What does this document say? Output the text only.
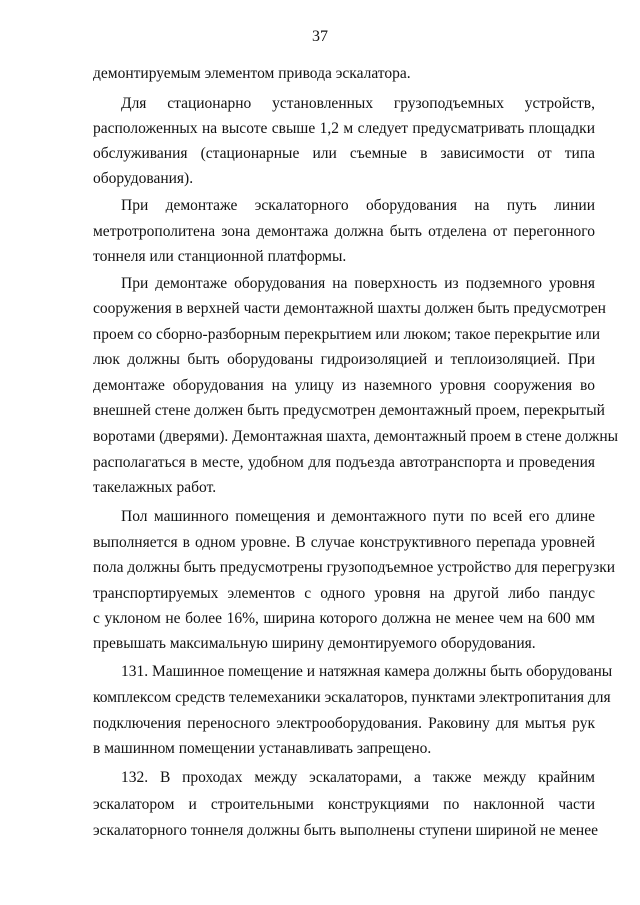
37
демонтируемым элементом привода эскалатора.
Для стационарно установленных грузоподъемных устройств,
расположенных на высоте свыше 1,2 м следует предусматривать площадки
обслуживания (стационарные или съемные в зависимости от типа
оборудования).
При демонтаже эскалаторного оборудования на путь линии
метротрополитена зона демонтажа должна быть отделена от перегонного
тоннеля или станционной платформы.
При демонтаже оборудования на поверхность из подземного уровня
сооружения в верхней части демонтажной шахты должен быть предусмотрен
проем со сборно-разборным перекрытием или люком; такое перекрытие или
люк должны быть оборудованы гидроизоляцией и теплоизоляцией. При
демонтаже оборудования на улицу из наземного уровня сооружения во
внешней стене должен быть предусмотрен демонтажный проем, перекрытый
воротами (дверями). Демонтажная шахта, демонтажный проем в стене должны
располагаться в месте, удобном для подъезда автотранспорта и проведения
такелажных работ.
Пол машинного помещения и демонтажного пути по всей его длине
выполняется в одном уровне. В случае конструктивного перепада уровней
пола должны быть предусмотрены грузоподъемное устройство для перегрузки
транспортируемых элементов с одного уровня на другой либо пандус
с уклоном не более 16%, ширина которого должна не менее чем на 600 мм
превышать максимальную ширину демонтируемого оборудования.
131. Машинное помещение и натяжная камера должны быть оборудованы
комплексом средств телемеханики эскалаторов, пунктами электропитания для
подключения переносного электрооборудования. Раковину для мытья рук
в машинном помещении устанавливать запрещено.
132. В проходах между эскалаторами, а также между крайним
эскалатором и строительными конструкциями по наклонной части
эскалаторного тоннеля должны быть выполнены ступени шириной не менее
